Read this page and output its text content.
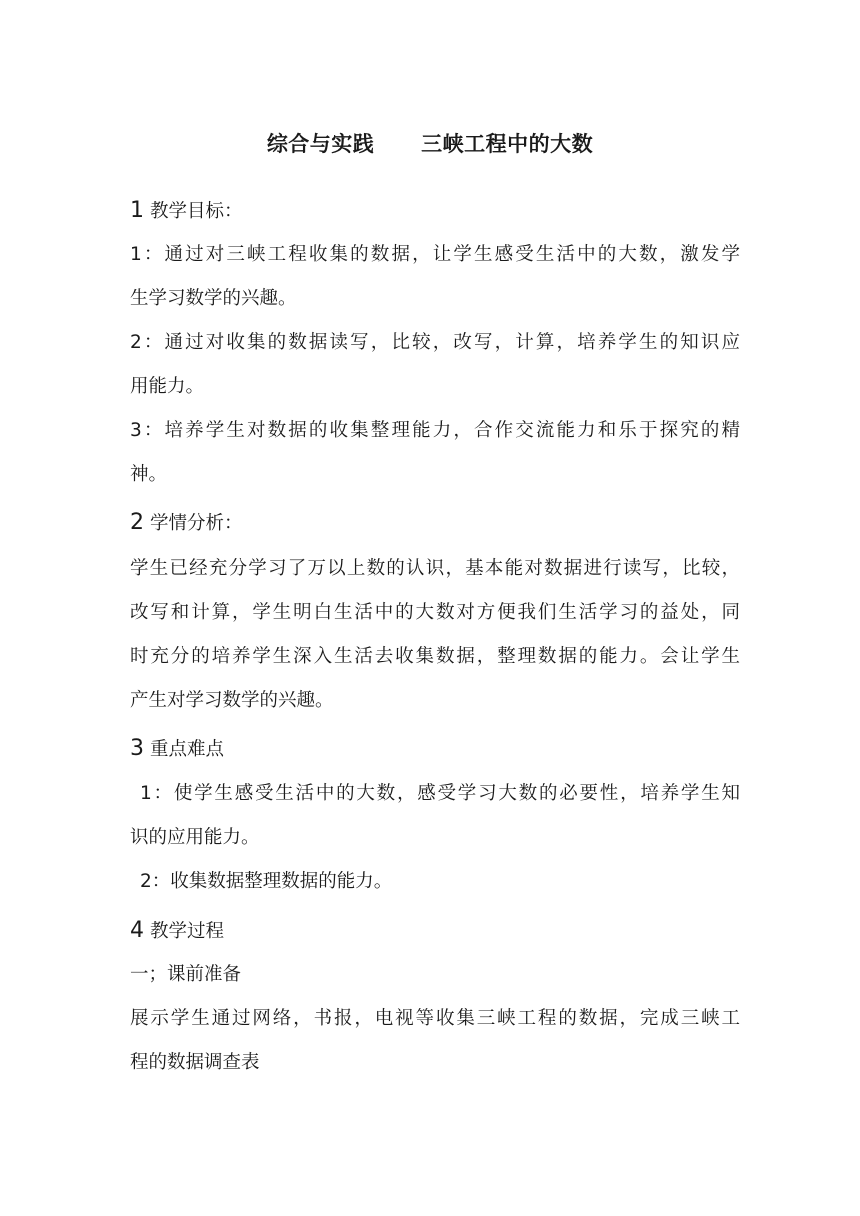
综合与实践      三峡工程中的大数
1 教学目标：
1：通过对三峡工程收集的数据，让学生感受生活中的大数，激发学
生学习数学的兴趣。
2：通过对收集的数据读写，比较，改写，计算，培养学生的知识应
用能力。
3：培养学生对数据的收集整理能力，合作交流能力和乐于探究的精
神。
2 学情分析：
学生已经充分学习了万以上数的认识，基本能对数据进行读写，比较，
改写和计算，学生明白生活中的大数对方便我们生活学习的益处，同
时充分的培养学生深入生活去收集数据，整理数据的能力。会让学生
产生对学习数学的兴趣。
3 重点难点
1：使学生感受生活中的大数，感受学习大数的必要性，培养学生知
识的应用能力。
2：收集数据整理数据的能力。
4 教学过程
一；课前准备
展示学生通过网络，书报，电视等收集三峡工程的数据，完成三峡工
程的数据调查表
